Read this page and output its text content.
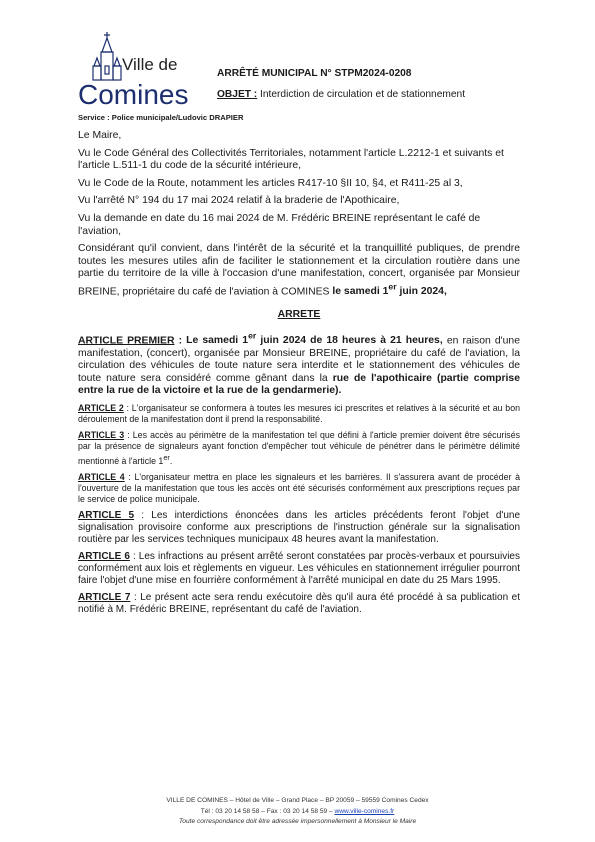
Ville de
Comines
ARRÊTÉ MUNICIPAL N° STPM2024-0208
OBJET : Interdiction de circulation et de stationnement
Service : Police municipale/Ludovic DRAPIER

Le Maire,

Vu le Code Général des Collectivités Territoriales, notamment l'article L.2212-1 et suivants et l'article L.511-1 du code de la sécurité intérieure,

Vu le Code de la Route, notamment les articles R417-10 §II 10, §4, et R411-25 al 3,

Vu l'arrêté N° 194 du 17 mai 2024 relatif à la braderie de l'Apothicaire,

Vu la demande en date du 16 mai 2024 de M. Frédéric BREINE représentant le café de l'aviation,

Considérant qu'il convient, dans l'intérêt de la sécurité et la tranquillité publiques, de prendre toutes les mesures utiles afin de faciliter le stationnement et la circulation routière dans une partie du territoire de la ville à l'occasion d'une manifestation, concert, organisée par Monsieur BREINE, propriétaire du café de l'aviation à COMINES le samedi 1er juin 2024,

ARRETE

ARTICLE PREMIER : Le samedi 1er juin 2024 de 18 heures à 21 heures, en raison d'une manifestation, (concert), organisée par Monsieur BREINE, propriétaire du café de l'aviation, la circulation des véhicules de toute nature sera interdite et le stationnement des véhicules de toute nature sera considéré comme gênant dans la rue de l'apothicaire (partie comprise entre la rue de la victoire et la rue de la gendarmerie).

ARTICLE 2 : L'organisateur se conformera à toutes les mesures ici prescrites et relatives à la sécurité et au bon déroulement de la manifestation dont il prend la responsabilité.

ARTICLE 3 : Les accès au périmètre de la manifestation tel que défini à l'article premier doivent être sécurisés par la présence de signaleurs ayant fonction d'empêcher tout véhicule de pénétrer dans le périmètre délimité mentionné à l'article 1er.

ARTICLE 4 : L'organisateur mettra en place les signaleurs et les barrières. Il s'assurera avant de procéder à l'ouverture de la manifestation que tous les accès ont été sécurisés conformément aux prescriptions reçues par le service de police municipale.

ARTICLE 5 : Les interdictions énoncées dans les articles précédents feront l'objet d'une signalisation provisoire conforme aux prescriptions de l'instruction générale sur la signalisation routière par les services techniques municipaux 48 heures avant la manifestation.

ARTICLE 6 : Les infractions au présent arrêté seront constatées par procès-verbaux et poursuivies conformément aux lois et règlements en vigueur. Les véhicules en stationnement irrégulier pourront faire l'objet d'une mise en fourrière conformément à l'arrêté municipal en date du 25 Mars 1995.

ARTICLE 7 : Le présent acte sera rendu exécutoire dès qu'il aura été procédé à sa publication et notifié à M. Frédéric BREINE, représentant du café de l'aviation.

VILLE DE COMINES – Hôtel de Ville – Grand Place – BP 20059 – 59559 Comines Cedex
Tél : 03 20 14 58 58 – Fax : 03 20 14 58 59 – www.ville-comines.fr
Toute correspondance doit être adressée impersonnellement à Monsieur le Maire
